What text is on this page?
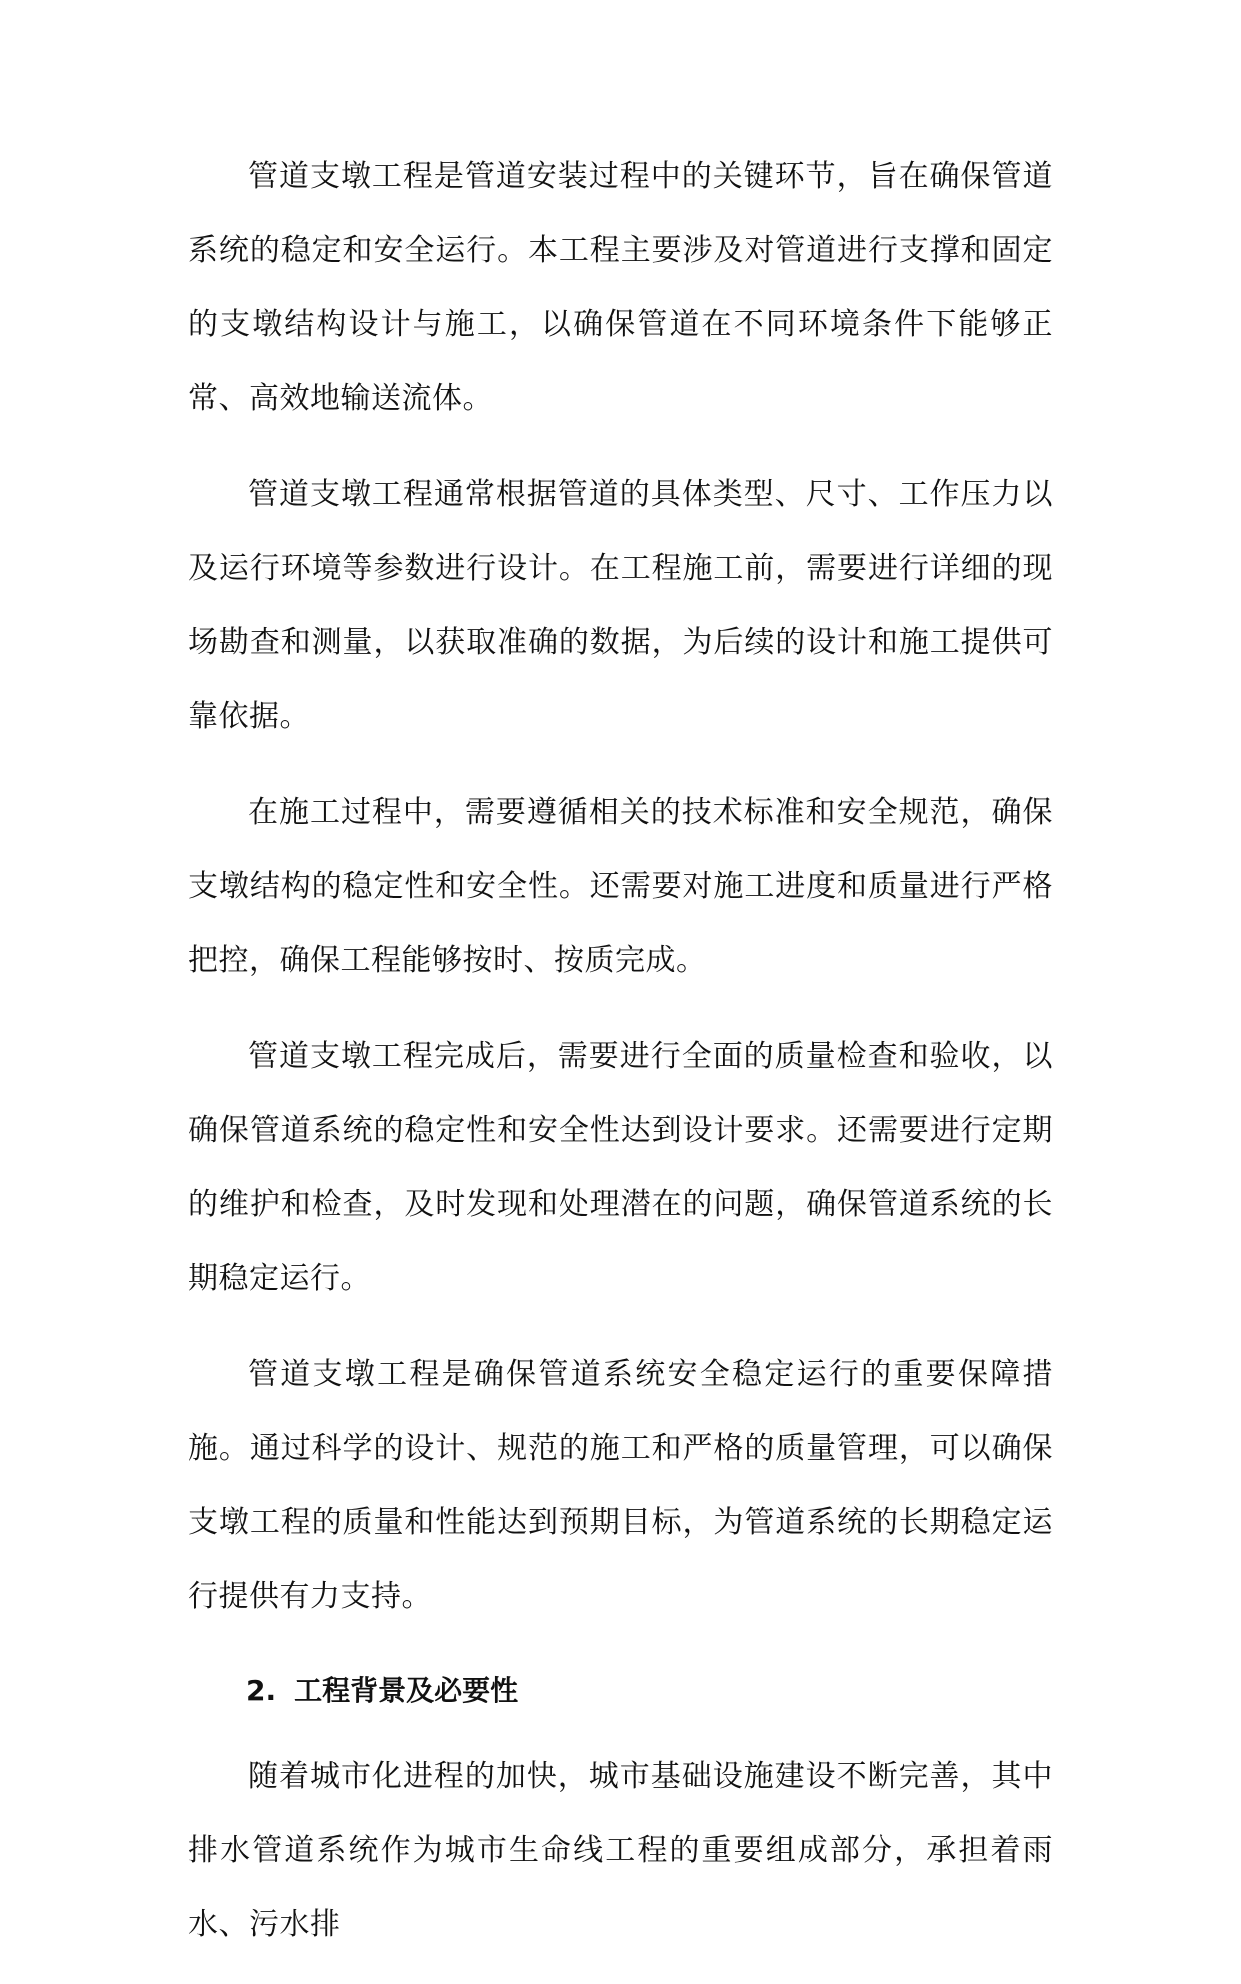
管道支墩工程是管道安装过程中的关键环节，旨在确保管道系统的稳定和安全运行。本工程主要涉及对管道进行支撑和固定的支墩结构设计与施工，以确保管道在不同环境条件下能够正常、高效地输送流体。

管道支墩工程通常根据管道的具体类型、尺寸、工作压力以及运行环境等参数进行设计。在工程施工前，需要进行详细的现场勘查和测量，以获取准确的数据，为后续的设计和施工提供可靠依据。

在施工过程中，需要遵循相关的技术标准和安全规范，确保支墩结构的稳定性和安全性。还需要对施工进度和质量进行严格把控，确保工程能够按时、按质完成。

管道支墩工程完成后，需要进行全面的质量检查和验收，以确保管道系统的稳定性和安全性达到设计要求。还需要进行定期的维护和检查，及时发现和处理潜在的问题，确保管道系统的长期稳定运行。

管道支墩工程是确保管道系统安全稳定运行的重要保障措施。通过科学的设计、规范的施工和严格的质量管理，可以确保支墩工程的质量和性能达到预期目标，为管道系统的长期稳定运行提供有力支持。

2. 工程背景及必要性

随着城市化进程的加快，城市基础设施建设不断完善，其中排水管道系统作为城市生命线工程的重要组成部分，承担着雨水、污水排
